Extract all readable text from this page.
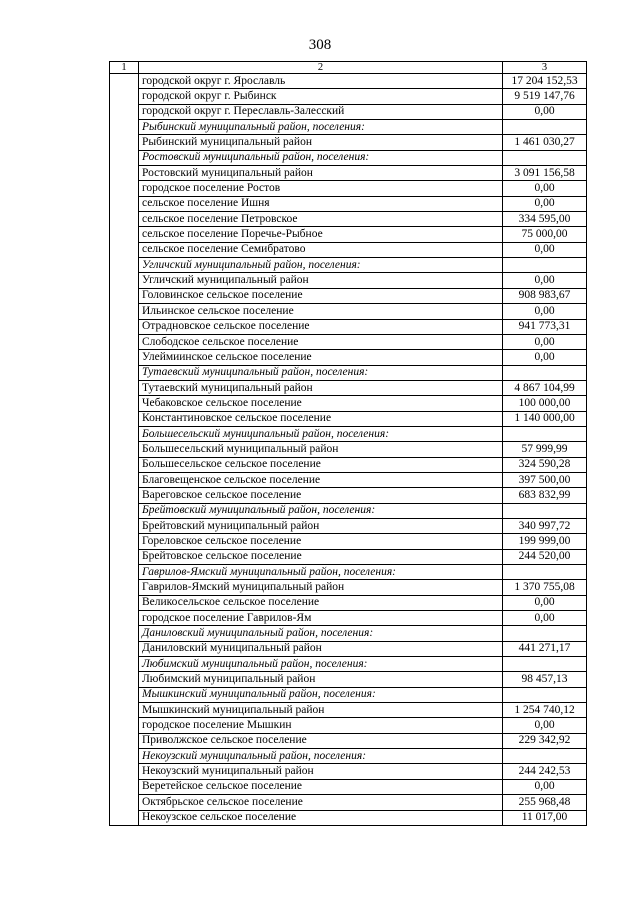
308
1	2	3
	городской округ г. Ярославль	17 204 152,53
	городской округ г. Рыбинск	9 519 147,76
	городской округ г. Переславль-Залесский	0,00
	Рыбинский муниципальный район, поселения:	
	Рыбинский муниципальный район	1 461 030,27
	Ростовский муниципальный район, поселения:	
	Ростовский муниципальный район	3 091 156,58
	городское поселение Ростов	0,00
	сельское поселение Ишня	0,00
	сельское поселение Петровское	334 595,00
	сельское поселение Поречье-Рыбное	75 000,00
	сельское поселение Семибратово	0,00
	Угличский муниципальный район, поселения:	
	Угличский муниципальный район	0,00
	Головинское сельское поселение	908 983,67
	Ильинское сельское поселение	0,00
	Отрадновское сельское поселение	941 773,31
	Слободское сельское поселение	0,00
	Улеймиинское сельское поселение	0,00
	Тутаевский муниципальный район, поселения:	
	Тутаевский муниципальный район	4 867 104,99
	Чебаковское сельское поселение	100 000,00
	Константиновское сельское поселение	1 140 000,00
	Большесельский муниципальный район, поселения:	
	Большесельский муниципальный район	57 999,99
	Большесельское сельское поселение	324 590,28
	Благовещенское сельское поселение	397 500,00
	Вареговское сельское поселение	683 832,99
	Брейтовский муниципальный район, поселения:	
	Брейтовский муниципальный район	340 997,72
	Гореловское сельское поселение	199 999,00
	Брейтовское сельское поселение	244 520,00
	Гаврилов-Ямский муниципальный район, поселения:	
	Гаврилов-Ямский муниципальный район	1 370 755,08
	Великосельское сельское поселение	0,00
	городское поселение Гаврилов-Ям	0,00
	Даниловский муниципальный район, поселения:	
	Даниловский муниципальный район	441 271,17
	Любимский муниципальный район, поселения:	
	Любимский муниципальный район	98 457,13
	Мышкинский муниципальный район, поселения:	
	Мышкинский муниципальный район	1 254 740,12
	городское поселение Мышкин	0,00
	Приволжское сельское поселение	229 342,92
	Некоузский муниципальный район, поселения:	
	Некоузский муниципальный район	244 242,53
	Веретейское сельское поселение	0,00
	Октябрьское сельское поселение	255 968,48
	Некоузское сельское поселение	11 017,00
